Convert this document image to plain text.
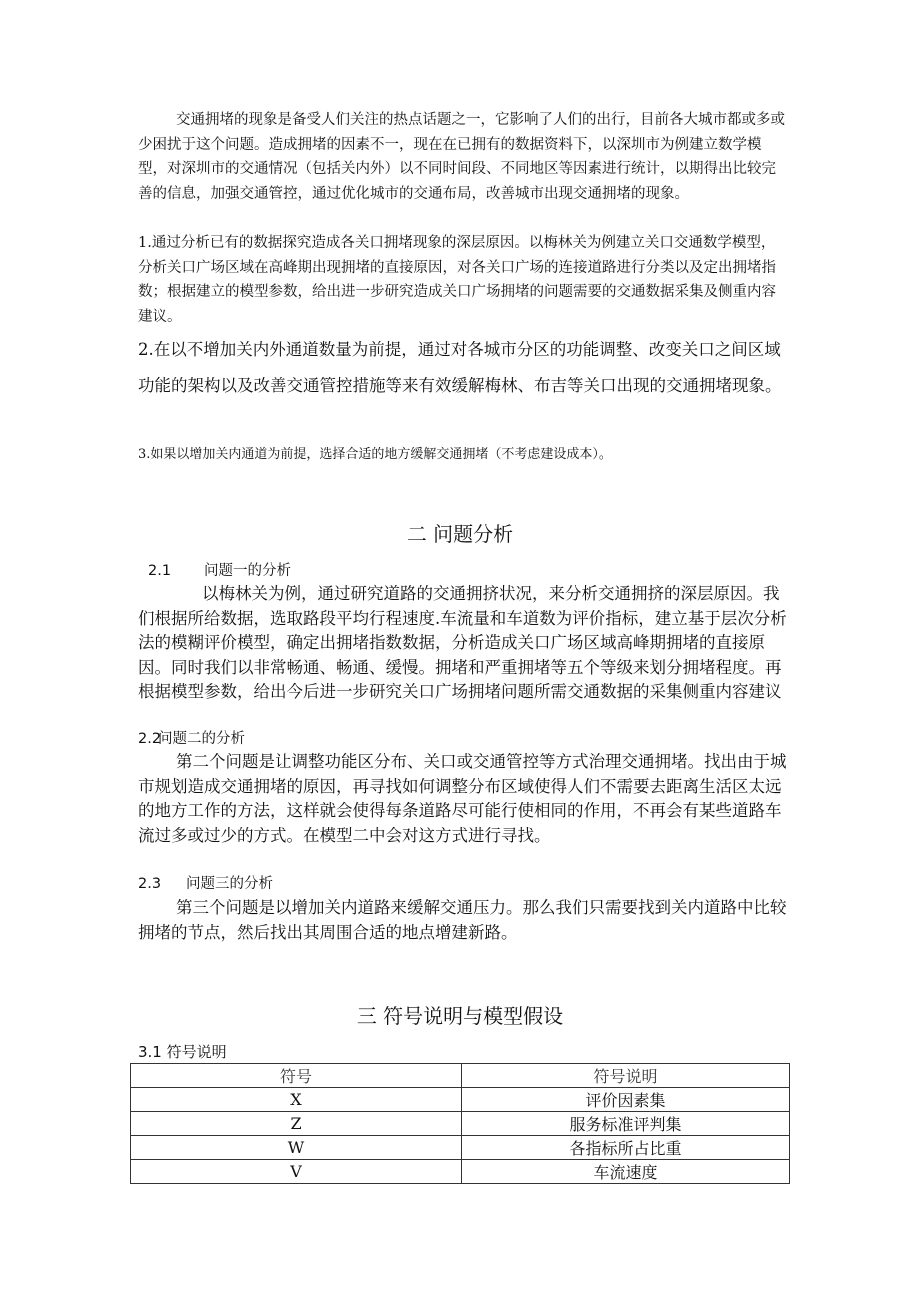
交通拥堵的现象是备受人们关注的热点话题之一，它影响了人们的出行，目前各大城市都或多或少困扰于这个问题。造成拥堵的因素不一，现在在已拥有的数据资料下，以深圳市为例建立数学模型，对深圳市的交通情况（包括关内外）以不同时间段、不同地区等因素进行统计，以期得出比较完善的信息，加强交通管控，通过优化城市的交通布局，改善城市出现交通拥堵的现象。

1.通过分析已有的数据探究造成各关口拥堵现象的深层原因。以梅林关为例建立关口交通数学模型，分析关口广场区域在高峰期出现拥堵的直接原因，对各关口广场的连接道路进行分类以及定出拥堵指数；根据建立的模型参数，给出进一步研究造成关口广场拥堵的问题需要的交通数据采集及侧重内容建议。

2.在以不增加关内外通道数量为前提，通过对各城市分区的功能调整、改变关口之间区域功能的架构以及改善交通管控措施等来有效缓解梅林、布吉等关口出现的交通拥堵现象。

3.如果以增加关内通道为前提，选择合适的地方缓解交通拥堵（不考虑建设成本）。

二 问题分析
2.1 问题一的分析

以梅林关为例，通过研究道路的交通拥挤状况，来分析交通拥挤的深层原因。我们根据所给数据，选取路段平均行程速度.车流量和车道数为评价指标，建立基于层次分析法的模糊评价模型，确定出拥堵指数数据，分析造成关口广场区域高峰期拥堵的直接原因。同时我们以非常畅通、畅通、缓慢。拥堵和严重拥堵等五个等级来划分拥堵程度。再根据模型参数，给出今后进一步研究关口广场拥堵问题所需交通数据的采集侧重内容建议

2.2问题二的分析

第二个问题是让调整功能区分布、关口或交通管控等方式治理交通拥堵。找出由于城市规划造成交通拥堵的原因，再寻找如何调整分布区域使得人们不需要去距离生活区太远的地方工作的方法，这样就会使得每条道路尽可能行使相同的作用，不再会有某些道路车流过多或过少的方式。在模型二中会对这方式进行寻找。

2.3 问题三的分析

第三个问题是以增加关内道路来缓解交通压力。那么我们只需要找到关内道路中比较拥堵的节点，然后找出其周围合适的地点增建新路。

三 符号说明与模型假设
3.1 符号说明
符号	符号说明
X	评价因素集
Z	服务标准评判集
W	各指标所占比重
V	车流速度
